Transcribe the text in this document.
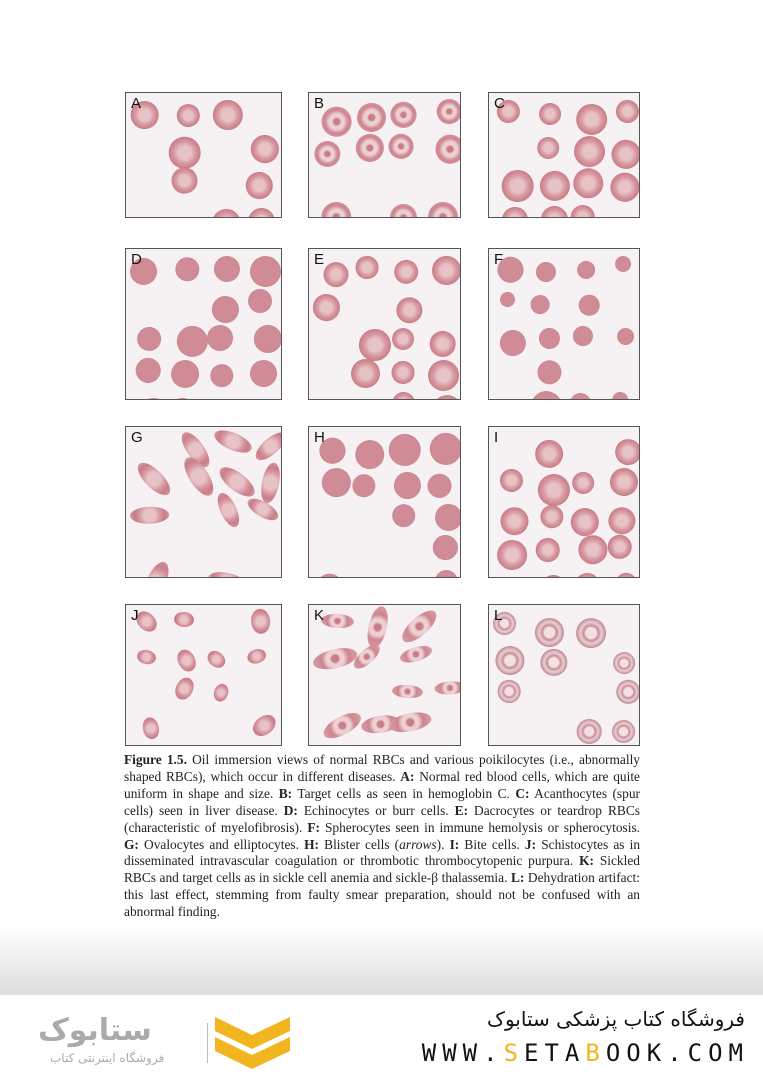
A	B	C
D	E	F
G	H	I
J	K	L
Figure 1.5. Oil immersion views of normal RBCs and various poikilocytes (i.e., abnormally shaped RBCs), which occur in different diseases. A: Normal red blood cells, which are quite uniform in shape and size. B: Target cells as seen in hemoglobin C. C: Acanthocytes (spur cells) seen in liver disease. D: Echinocytes or burr cells. E: Dacrocytes or teardrop RBCs (characteristic of myelofibrosis). F: Spherocytes seen in immune hemolysis or spherocytosis. G: Ovalocytes and elliptocytes. H: Blister cells (arrows). I: Bite cells. J: Schistocytes as in disseminated intravascular coagulation or thrombotic thrombocytopenic purpura. K: Sickled RBCs and target cells as in sickle cell anemia and sickle-β thalassemia. L: Dehydration artifact: this last effect, stemming from faulty smear preparation, should not be confused with an abnormal finding.
ستابوک
فروشگاه اینترنتی کتاب
فروشگاه کتاب پزشکی ستابوک
WWW.SETABOOK.COM
